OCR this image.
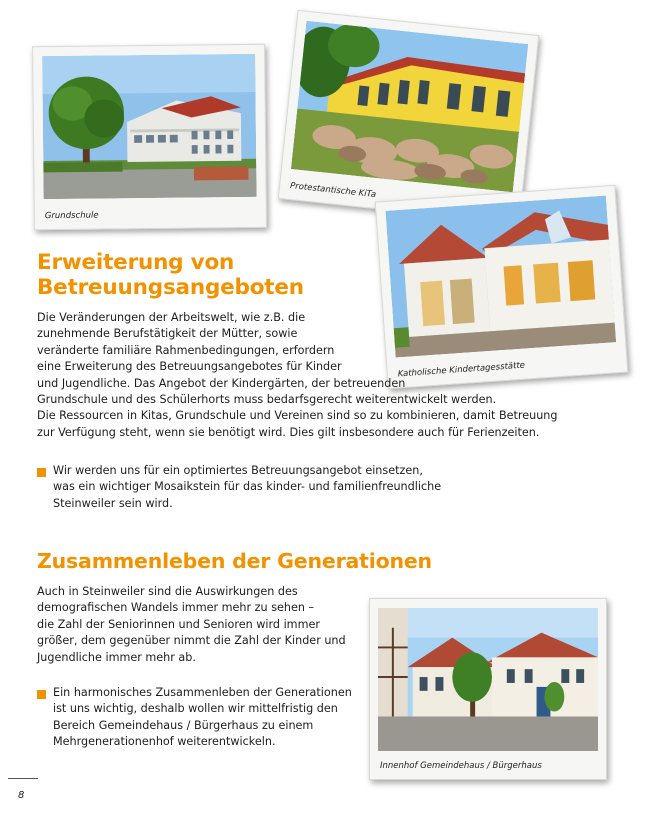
Grundschule
Protestantische KiTa
Katholische Kindertagesstätte
Erweiterung von
Betreuungsangeboten
Die Veränderungen der Arbeitswelt, wie z.B. die
zunehmende Berufstätigkeit der Mütter, sowie
veränderte familiäre Rahmenbedingungen, erfordern
eine Erweiterung des Betreuungsangebotes für Kinder
und Jugendliche. Das Angebot der Kindergärten, der betreuenden
Grundschule und des Schülerhorts muss bedarfsgerecht weiterentwickelt werden.
Die Ressourcen in Kitas, Grundschule und Vereinen sind so zu kombinieren, damit Betreuung
zur Verfügung steht, wenn sie benötigt wird. Dies gilt insbesondere auch für Ferienzeiten.
Wir werden uns für ein optimiertes Betreuungsangebot einsetzen,
was ein wichtiger Mosaikstein für das kinder- und familienfreundliche
Steinweiler sein wird.
Zusammenleben der Generationen
Auch in Steinweiler sind die Auswirkungen des
demografischen Wandels immer mehr zu sehen –
die Zahl der Seniorinnen und Senioren wird immer
größer, dem gegenüber nimmt die Zahl der Kinder und
Jugendliche immer mehr ab.
Ein harmonisches Zusammenleben der Generationen
ist uns wichtig, deshalb wollen wir mittelfristig den
Bereich Gemeindehaus / Bürgerhaus zu einem
Mehrgenerationenhof weiterentwickeln.
Innenhof Gemeindehaus / Bürgerhaus
8
